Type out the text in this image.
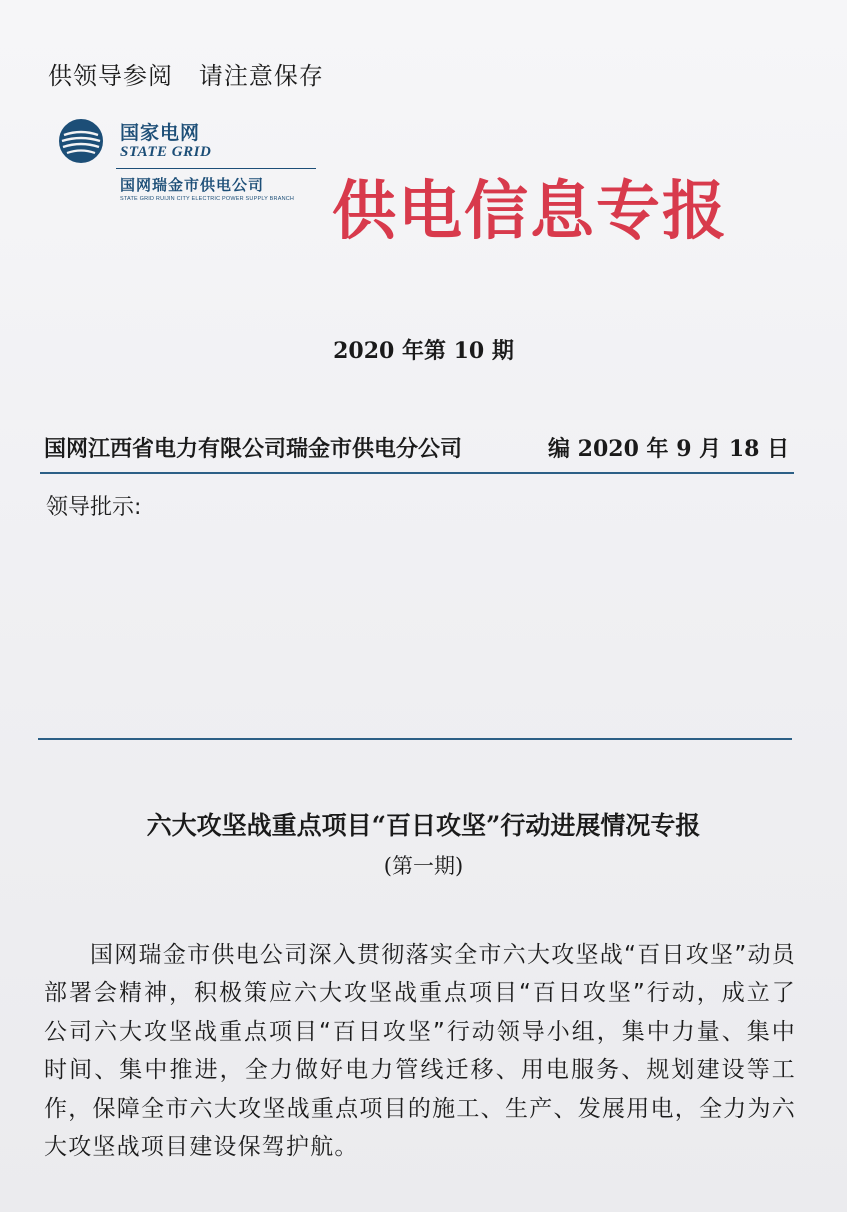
供领导参阅   请注意保存
国家电网
STATE GRID
国网瑞金市供电公司
STATE GRID RUIJIN CITY ELECTRIC POWER SUPPLY BRANCH 供电信息专报
2020 年第 10 期
国网江西省电力有限公司瑞金市供电分公司	编 2020 年 9 月 18 日
领导批示:
六大攻坚战重点项目“百日攻坚”行动进展情况专报
(第一期)
国网瑞金市供电公司深入贯彻落实全市六大攻坚战“百日攻坚”动员部署会精神，积极策应六大攻坚战重点项目“百日攻坚”行动，成立了公司六大攻坚战重点项目“百日攻坚”行动领导小组，集中力量、集中时间、集中推进，全力做好电力管线迁移、用电服务、规划建设等工作，保障全市六大攻坚战重点项目的施工、生产、发展用电，全力为六大攻坚战项目建设保驾护航。
